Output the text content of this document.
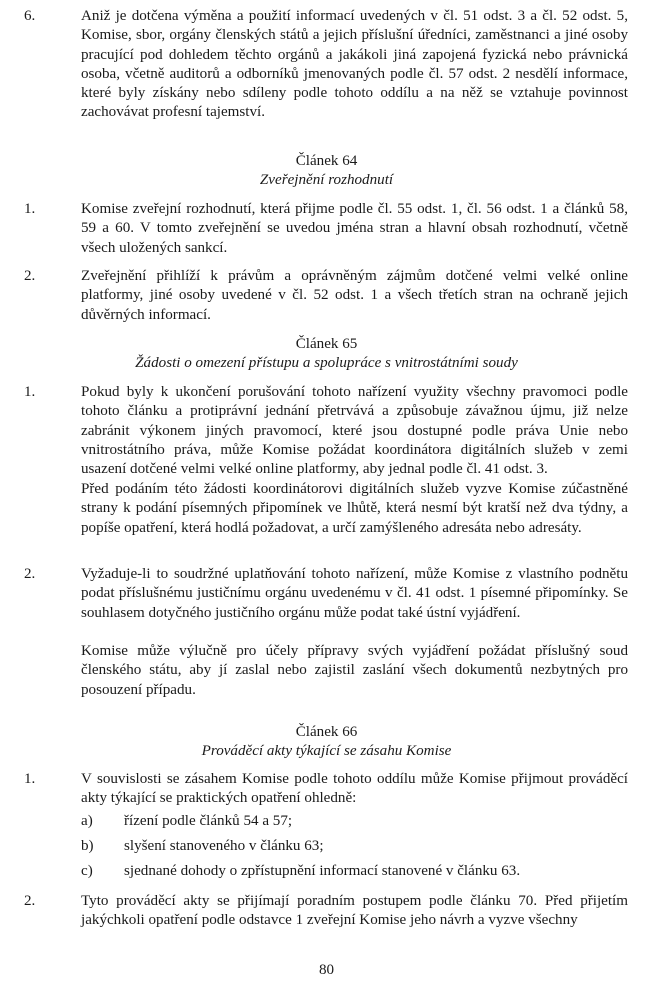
6.	Aniž je dotčena výměna a použití informací uvedených v čl. 51 odst. 3 a čl. 52 odst. 5, Komise, sbor, orgány členských států a jejich příslušní úředníci, zaměstnanci a jiné osoby pracující pod dohledem těchto orgánů a jakákoli jiná zapojená fyzická nebo právnická osoba, včetně auditorů a odborníků jmenovaných podle čl. 57 odst. 2 nesdělí informace, které byly získány nebo sdíleny podle tohoto oddílu a na něž se vztahuje povinnost zachovávat profesní tajemství.
Článek 64
Zveřejnění rozhodnutí
1.	Komise zveřejní rozhodnutí, která přijme podle čl. 55 odst. 1, čl. 56 odst. 1 a článků 58, 59 a 60. V tomto zveřejnění se uvedou jména stran a hlavní obsah rozhodnutí, včetně všech uložených sankcí.
2.	Zveřejnění přihlíží k právům a oprávněným zájmům dotčené velmi velké online platformy, jiné osoby uvedené v čl. 52 odst. 1 a všech třetích stran na ochraně jejich důvěrných informací.
Článek 65
Žádosti o omezení přístupu a spolupráce s vnitrostátními soudy
1.	Pokud byly k ukončení porušování tohoto nařízení využity všechny pravomoci podle tohoto článku a protiprávní jednání přetrvává a způsobuje závažnou újmu, již nelze zabránit výkonem jiných pravomocí, které jsou dostupné podle práva Unie nebo vnitrostátního práva, může Komise požádat koordinátora digitálních služeb v zemi usazení dotčené velmi velké online platformy, aby jednal podle čl. 41 odst. 3.
Před podáním této žádosti koordinátorovi digitálních služeb vyzve Komise zúčastněné strany k podání písemných připomínek ve lhůtě, která nesmí být kratší než dva týdny, a popíše opatření, která hodlá požadovat, a určí zamýšleného adresáta nebo adresáty.
2.	Vyžaduje-li to soudržné uplatňování tohoto nařízení, může Komise z vlastního podnětu podat příslušnému justičnímu orgánu uvedenému v čl. 41 odst. 1 písemné připomínky. Se souhlasem dotyčného justičního orgánu může podat také ústní vyjádření.
Komise může výlučně pro účely přípravy svých vyjádření požádat příslušný soud členského státu, aby jí zaslal nebo zajistil zaslání všech dokumentů nezbytných pro posouzení případu.
Článek 66
Prováděcí akty týkající se zásahu Komise
1.	V souvislosti se zásahem Komise podle tohoto oddílu může Komise přijmout prováděcí akty týkající se praktických opatření ohledně:
a) řízení podle článků 54 a 57;
b) slyšení stanoveného v článku 63;
c) sjednané dohody o zpřístupnění informací stanovené v článku 63.
2.	Tyto prováděcí akty se přijímají poradním postupem podle článku 70. Před přijetím jakýchkoli opatření podle odstavce 1 zveřejní Komise jeho návrh a vyzve všechny
80
